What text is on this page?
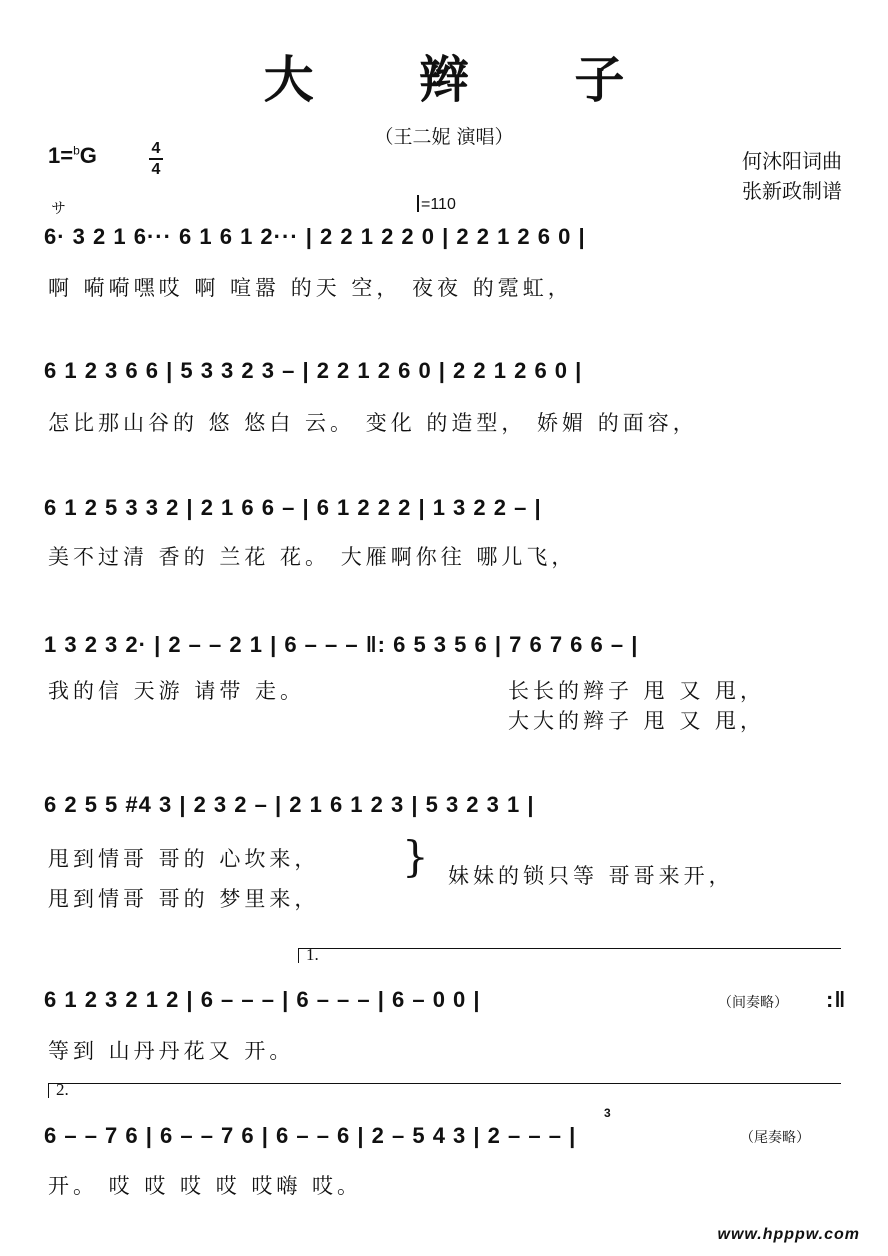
大 辫 子
（王二妮 演唱）
何沐阳词曲
张新政制谱
1=$^b$G	4
4
サ	=110
6· 3 2 1 6··· 6 1 6 1 2··· | 2 2 1 2 2 0 | 2 2 1 2 6 0 |
啊 嗬嗬嘿哎 啊 喧嚣 的天 空， 夜夜 的霓虹，
6 1 2 3 6 6 | 5 3 3 2 3 – | 2 2 1 2 6 0 | 2 2 1 2 6 0 |
怎比那山谷的 悠 悠白 云。 变化 的造型， 娇媚 的面容，
6 1 2 5 3 3 2 | 2 1 6 6 – | 6 1 2 2 2 | 1 3 2 2 – |
美不过清 香的 兰花 花。 大雁啊你往 哪儿飞，
1 3 2 3 2· | 2 – – 2 1 | 6 – – – ‖: 6 5 3 5 6 | 7 6 7 6 6 – |
我的信 天游 请带 走。	长长的辫子 甩 又 甩，
大大的辫子 甩 又 甩，
6 2 5 5 #4 3 | 2 3 2 – | 2 1 6 1 2 3 | 5 3 2 3 1 |
甩到情哥 哥的 心坎来，
甩到情哥 哥的 梦里来，
} 妹妹的锁只等 哥哥来开，
1.
6 1 2 3 2 1 2 | 6 – – – | 6 – – – | 6 – 0 0 |	（间奏略） :‖
等到 山丹丹花又 开。
2.
6 – – 7 6 | 6 – – 7 6 | 6 – – 6 | 2 – 5 4 3 | 2 – – – |
3
（尾奏略）
开。 哎 哎 哎 哎 哎嗨 哎。
www.hpppw.com
